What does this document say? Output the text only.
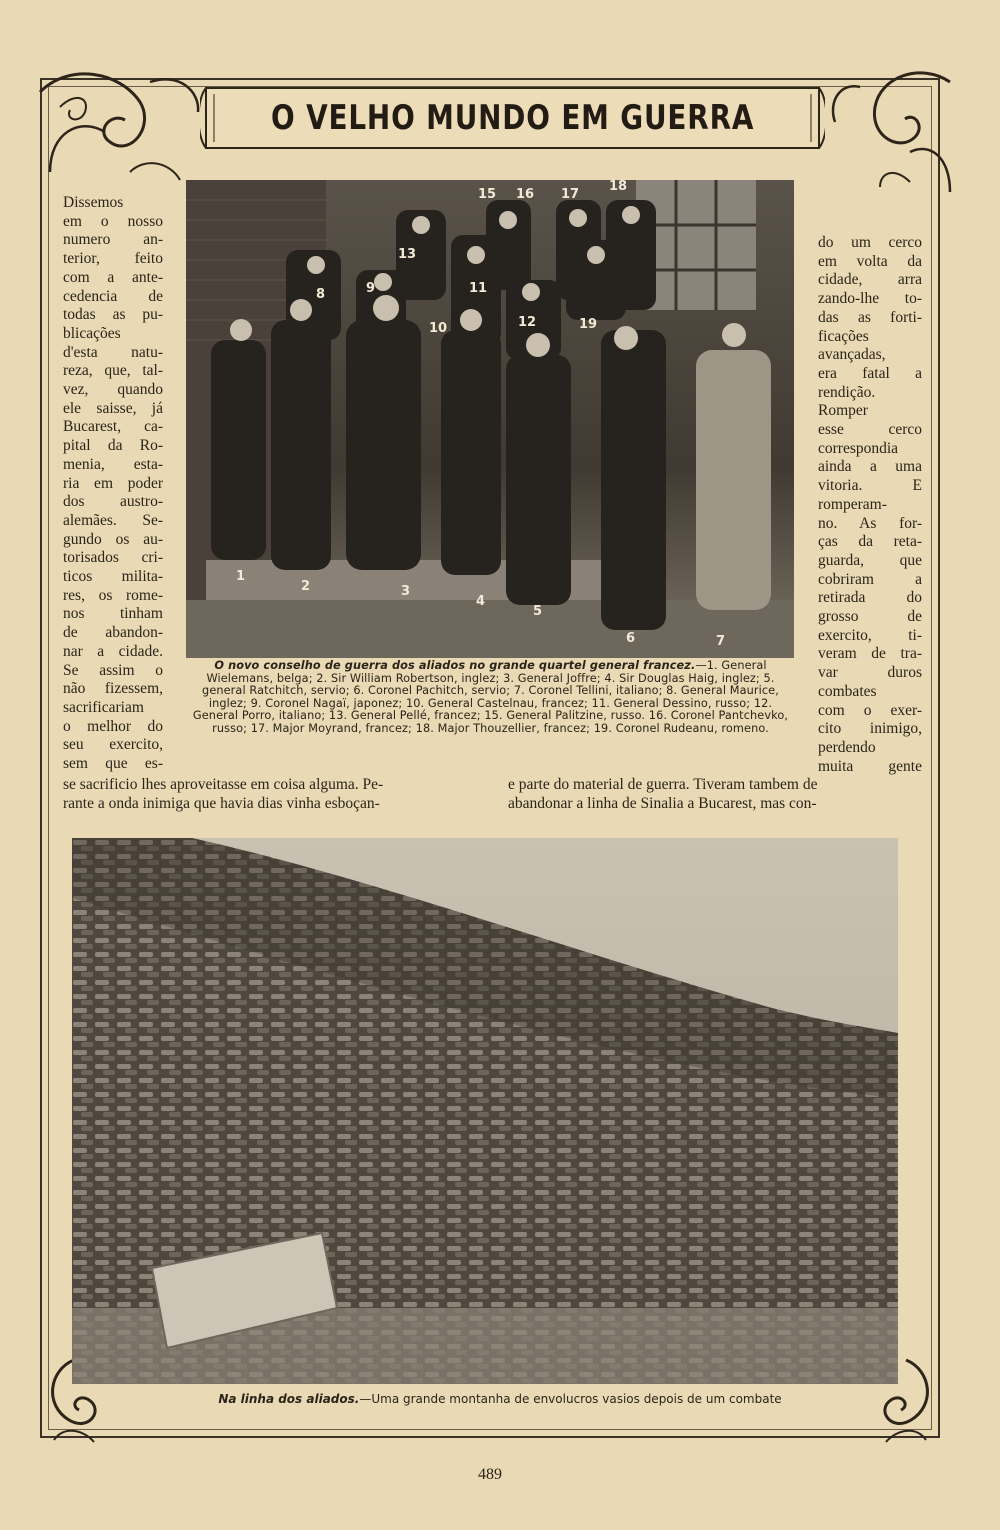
O VELHO MUNDO EM GUERRA
Dissemos
em o nosso
numero an-
terior, feito
com a ante-
cedencia de
todas as pu-
blicações
d'esta natu-
reza, que, tal-
vez, quando
ele saisse, já
Bucarest, ca-
pital da Ro-
menia, esta-
ria em poder
dos austro-
alemães. Se-
gundo os au-
torisados cri-
ticos milita-
res, os rome-
nos tinham
de abandon-
nar a cidade.
Se assim o
não fizessem,
sacrificariam
o melhor do
seu exercito,
sem que es-
do um cerco
em volta da
cidade, arra
zando-lhe to-
das as forti-
ficações
avançadas,
era fatal a
rendição.
Romper
esse cerco
correspondia
ainda a uma
vitoria. E
romperam-
no. As for-
ças da reta-
guarda, que
cobriram a
retirada do
grosso de
exercito, ti-
veram de tra-
var duros
combates
com o exer-
cito inimigo,
perdendo
muita gente
1
2	3
4
5
6	7
8	9
10
11
12
13
15 16 17
18
19

O novo conselho de guerra dos aliados no grande quartel general francez.—1. General Wielemans, belga; 2. Sir William Robertson, inglez; 3. General Joffre; 4. Sir Douglas Haig, inglez; 5. general Ratchitch, servio; 6. Coronel Pachitch, servio; 7. Coronel Tellini, italiano; 8. General Maurice, inglez; 9. Coronel Nagaï, japonez; 10. General Castelnau, francez; 11. General Dessino, russo; 12. General Porro, italiano; 13. General Pellé, francez; 15. General Palitzine, russo. 16. Coronel Pantchevko, russo; 17. Major Moyrand, francez; 18. Major Thouzellier, francez; 19. Coronel Rudeanu, romeno.

se sacrificio lhes aproveitasse em coisa alguma. Pe-

rante a onda inimiga que havia dias vinha esboçan-

e parte do material de guerra. Tiveram tambem de

abandonar a linha de Sinalia a Bucarest, mas con-

Na linha dos aliados.—Uma grande montanha de envolucros vasios depois de um combate

489
